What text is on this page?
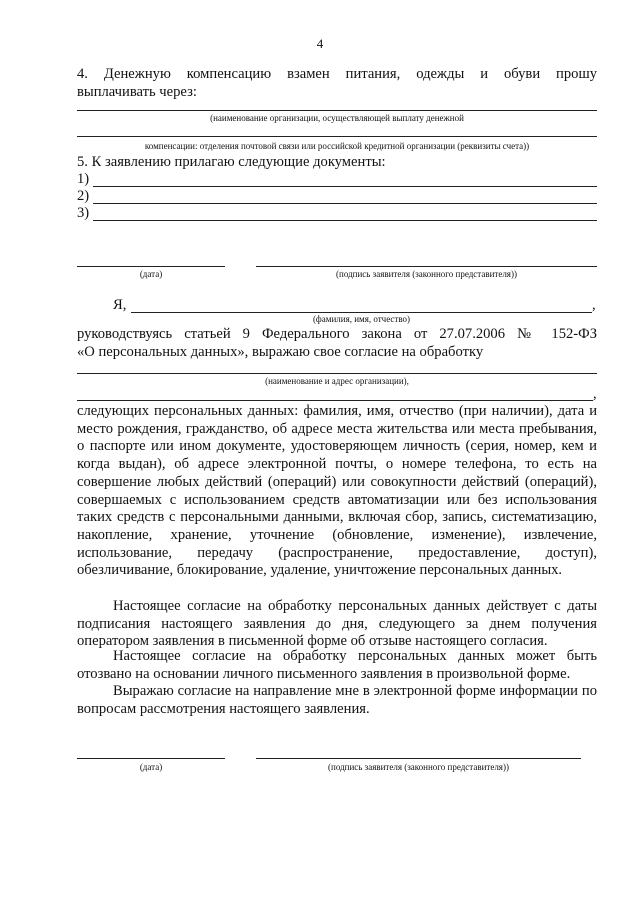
4
4. Денежную компенсацию взамен питания, одежды и обуви прошу
выплачивать через:
(наименование организации, осуществляющей выплату денежной
компенсации: отделения почтовой связи или российской кредитной организации (реквизиты счета))
5. К заявлению прилагаю следующие документы:
1)
2)
3)
(дата)	(подпись заявителя (законного представителя))
Я,	,
(фамилия, имя, отчество)
руководствуясь статьей 9 Федерального закона от 27.07.2006 № 152-ФЗ
«О персональных данных», выражаю свое согласие на обработку
(наименование и адрес организации),
,
следующих персональных данных: фамилия, имя, отчество (при наличии), дата и место рождения, гражданство, об адресе места жительства или места пребывания, о паспорте или ином документе, удостоверяющем личность (серия, номер, кем и когда выдан), об адресе электронной почты, о номере телефона, то есть на совершение любых действий (операций) или совокупности действий (операций), совершаемых с использованием средств автоматизации или без использования таких средств с персональными данными, включая сбор, запись, систематизацию, накопление, хранение, уточнение (обновление, изменение), извлечение, использование, передачу (распространение, предоставление, доступ), обезличивание, блокирование, удаление, уничтожение персональных данных.
Настоящее согласие на обработку персональных данных действует с даты подписания настоящего заявления до дня, следующего за днем получения оператором заявления в письменной форме об отзыве настоящего согласия.
Настоящее согласие на обработку персональных данных может быть отозвано на основании личного письменного заявления в произвольной форме.
Выражаю согласие на направление мне в электронной форме информации по вопросам рассмотрения настоящего заявления.
(дата)	(подпись заявителя (законного представителя))
